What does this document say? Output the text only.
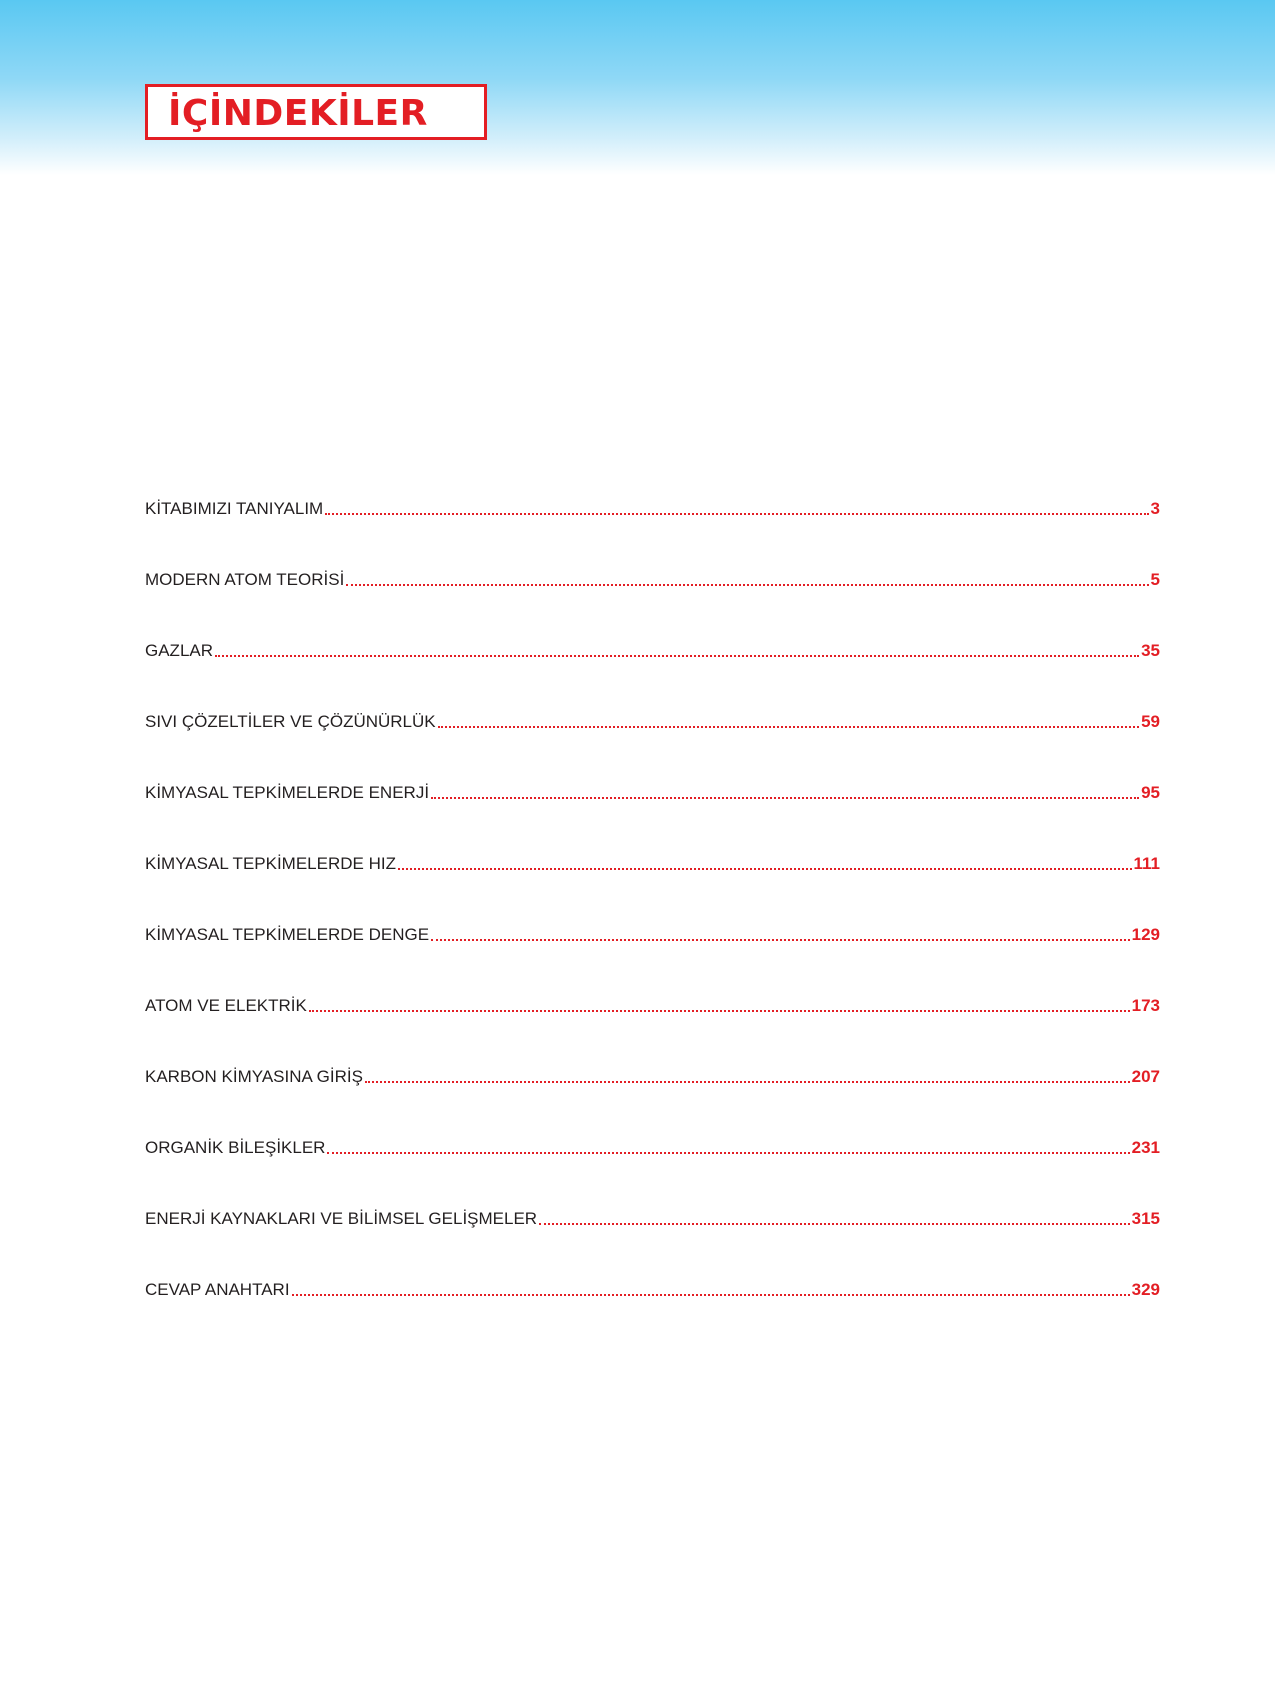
İÇİNDEKİLER
KİTABIMIZI TANIYALIM	3
MODERN ATOM TEORİSİ	5
GAZLAR	35
SIVI ÇÖZELTİLER VE ÇÖZÜNÜRLÜK	59
KİMYASAL TEPKİMELERDE ENERJİ	95
KİMYASAL TEPKİMELERDE HIZ	111
KİMYASAL TEPKİMELERDE DENGE	129
ATOM VE ELEKTRİK	173
KARBON KİMYASINA GİRİŞ	207
ORGANİK BİLEŞİKLER	231
ENERJİ KAYNAKLARI VE BİLİMSEL GELİŞMELER	315
CEVAP ANAHTARI	329
